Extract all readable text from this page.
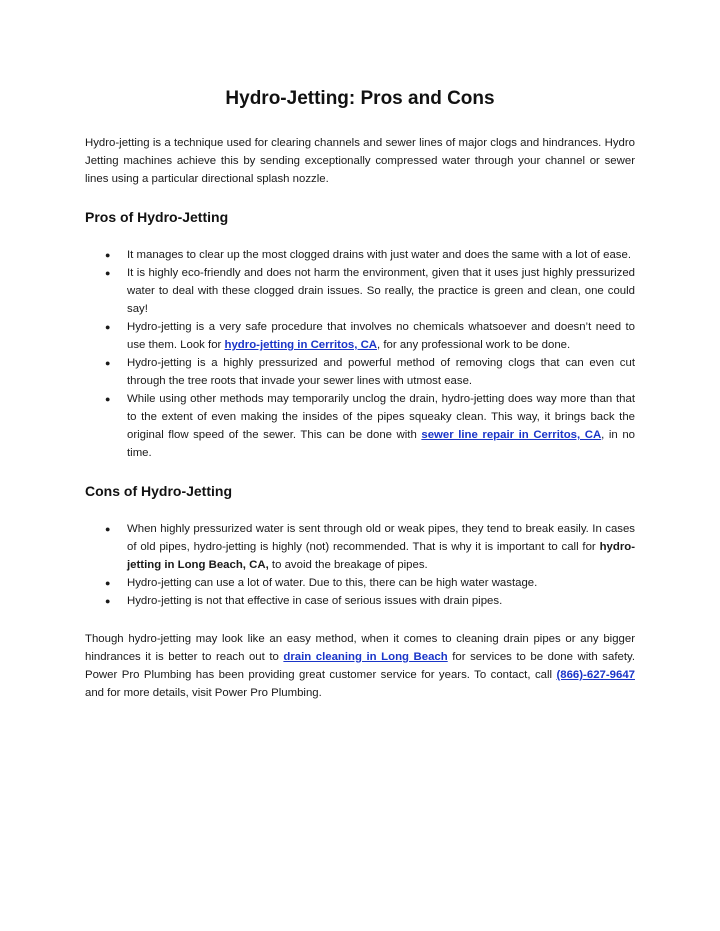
Hydro-Jetting: Pros and Cons

Hydro-jetting is a technique used for clearing channels and sewer lines of major clogs and hindrances. Hydro Jetting machines achieve this by sending exceptionally compressed water through your channel or sewer lines using a particular directional splash nozzle.

Pros of Hydro-Jetting
● It manages to clear up the most clogged drains with just water and does the same with a lot of ease.
● It is highly eco-friendly and does not harm the environment, given that it uses just highly pressurized water to deal with these clogged drain issues. So really, the practice is green and clean, one could say!
● Hydro-jetting is a very safe procedure that involves no chemicals whatsoever and doesn’t need to use them. Look for hydro-jetting in Cerritos, CA, for any professional work to be done.
● Hydro-jetting is a highly pressurized and powerful method of removing clogs that can even cut through the tree roots that invade your sewer lines with utmost ease.
● While using other methods may temporarily unclog the drain, hydro-jetting does way more than that to the extent of even making the insides of the pipes squeaky clean. This way, it brings back the original flow speed of the sewer. This can be done with sewer line repair in Cerritos, CA, in no time.
Cons of Hydro-Jetting
● When highly pressurized water is sent through old or weak pipes, they tend to break easily. In cases of old pipes, hydro-jetting is highly (not) recommended. That is why it is important to call for hydro-jetting in Long Beach, CA, to avoid the breakage of pipes.
● Hydro-jetting can use a lot of water. Due to this, there can be high water wastage.
● Hydro-jetting is not that effective in case of serious issues with drain pipes.

Though hydro-jetting may look like an easy method, when it comes to cleaning drain pipes or any bigger hindrances it is better to reach out to drain cleaning in Long Beach for services to be done with safety. Power Pro Plumbing has been providing great customer service for years. To contact, call (866)-627-9647 and for more details, visit Power Pro Plumbing.
